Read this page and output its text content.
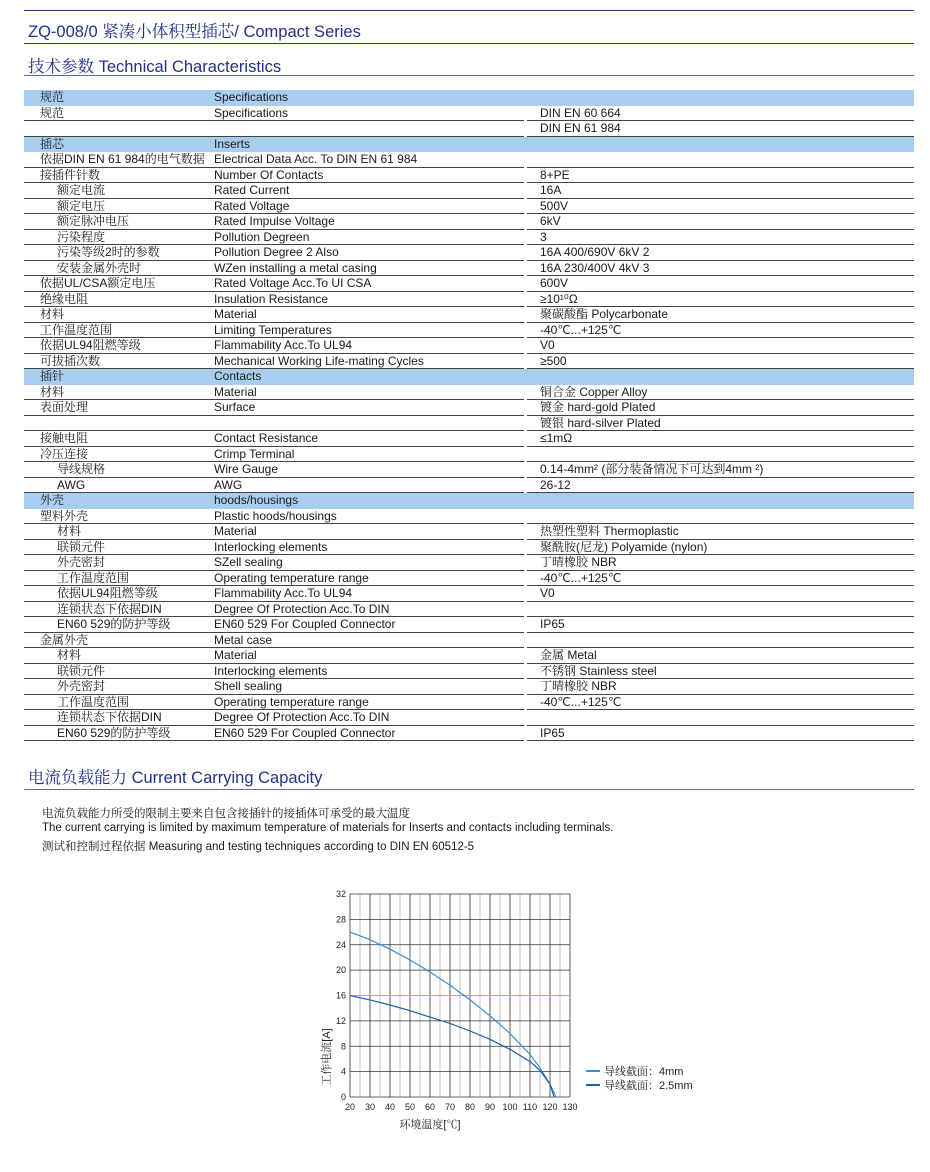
ZQ-008/0 紧凑小体积型插芯/ Compact Series
技术参数 Technical Characteristics
规范	Specifications
规范	Specifications	DIN EN 60 664
DIN EN 61 984
插芯	Inserts
依据DIN EN 61 984的电气数据 Electrical Data Acc. To DIN EN 61 984
接插件针数	Number Of Contacts	8+PE
额定电流	Rated Current	16A
额定电压	Rated Voltage	500V
额定脉冲电压	Rated Impulse Voltage	6kV
污染程度	Pollution Degreen	3
污染等级2时的参数	Pollution Degree 2 Also	16A 400/690V 6kV 2
安装金属外壳时	WZen installing a metal casing	16A 230/400V 4kV 3
依据UL/CSA额定电压	Rated Voltage Acc.To UI CSA	600V
绝缘电阻	Insulation Resistance	≥10¹⁰Ω
材料	Material	聚碳酸酯 Polycarbonate
工作温度范围	Limiting Temperatures	-40℃...+125℃
依据UL94阻燃等级	Flammability Acc.To UL94	V0
可拔插次数	Mechanical Working Life-mating Cycles	≥500
插针	Contacts
材料	Material	铜合金 Copper Alloy
表面处理	Surface	镀金 hard-gold Plated
镀银 hard-silver Plated
接触电阻	Contact Resistance	≤1mΩ
冷压连接	Crimp Terminal
导线规格	Wire Gauge	0.14-4mm² (部分装备情况下可达到4mm ²)
AWG	AWG	26-12
外壳	hoods/housings
塑料外壳	Plastic hoods/housings
材料	Material	热塑性塑料 Thermoplastic
联锁元件	Interlocking elements	聚酰胺(尼龙) Polyamide (nylon)
外壳密封	SZell sealing	丁晴橡胶 NBR
工作温度范围	Operating temperature range	-40℃...+125℃
依据UL94阻燃等级	Flammability Acc.To UL94	V0
连锁状态下依据DIN	Degree Of Protection Acc.To DIN
EN60 529的防护等级	EN60 529 For Coupled Connector	IP65
金属外壳	Metal case
材料	Material	金属 Metal
联锁元件	Interlocking elements	不锈钢 Stainless steel
外壳密封	Shell sealing	丁晴橡胶 NBR
工作温度范围	Operating temperature range	-40℃...+125℃
连锁状态下依据DIN	Degree Of Protection Acc.To DIN
EN60 529的防护等级	EN60 529 For Coupled Connector	IP65
电流负载能力 Current Carrying Capacity
电流负载能力所受的限制主要来自包含接插针的接插体可承受的最大温度
The current carrying is limited by maximum temperature of materials for Inserts and contacts including terminals.
测试和控制过程依据 Measuring and testing techniques according to DIN EN 60512-5
20 30 40 50 60 70 80 90 100 110 120 130
0
4
8
12
16
20
24
28
32
环境温度[℃]
工作电流[A]	导线截面：4mm
导线截面：2.5mm
